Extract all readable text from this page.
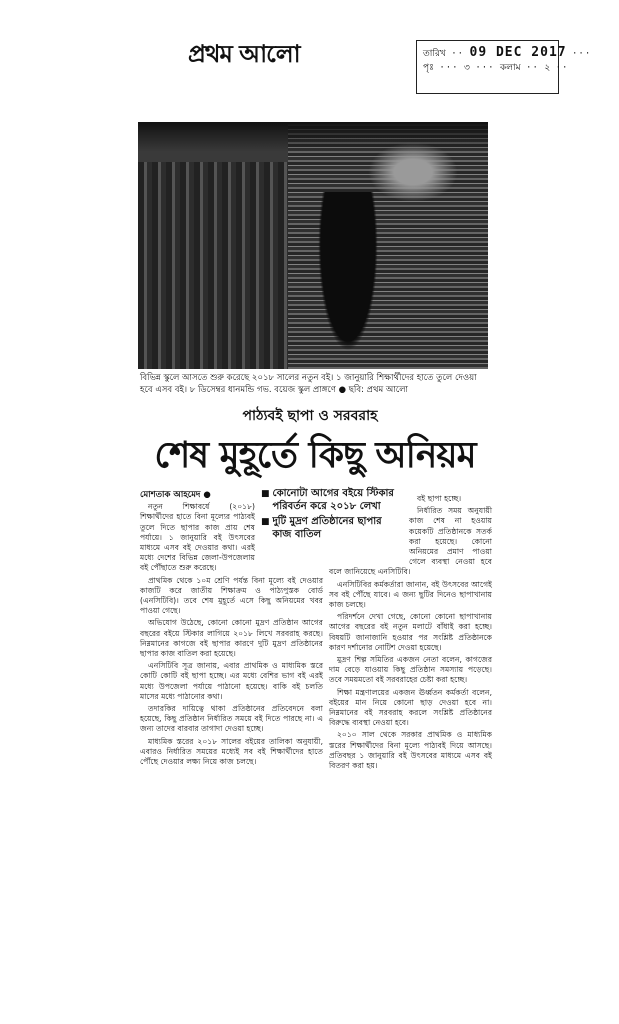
প্রথম আলো	তারিখ ·· 09 DEC 2017 ···
পৃঃ ··· ৩ ··· কলাম ·· ২ ··
বিভিন্ন স্কুলে আসতে শুরু করেছে ২০১৮ সালের নতুন বই। ১ জানুয়ারি শিক্ষার্থীদের হাতে তুলে দেওয়া হবে এসব বই। ৮ ডিসেম্বর ধানমন্ডি গভ. বয়েজ স্কুল প্রাঙ্গণে ● ছবি: প্রথম আলো
পাঠ্যবই ছাপা ও সরবরাহ
শেষ মুহূর্তে কিছু অনিয়ম
■ কোনোটা আগের বইয়ে স্টিকার পরিবর্তন করে ২০১৮ লেখা
■ দুটি মুদ্রণ প্রতিষ্ঠানের ছাপার কাজ বাতিল

মোশতাক আহমেদ ●

নতুন শিক্ষাবর্ষে (২০১৮) শিক্ষার্থীদের হাতে বিনা মূল্যের পাঠ্যবই তুলে দিতে ছাপার কাজ প্রায় শেষ পর্যায়ে। ১ জানুয়ারি বই উৎসবের মাধ্যমে এসব বই দেওয়ার কথা। এরই মধ্যে দেশের বিভিন্ন জেলা-উপজেলায় বই পৌঁছাতে শুরু করেছে।

প্রাথমিক থেকে ১০ম শ্রেণি পর্যন্ত বিনা মূল্যে বই দেওয়ার কাজটি করে জাতীয় শিক্ষাক্রম ও পাঠ্যপুস্তক বোর্ড (এনসিটিবি)। তবে শেষ মুহূর্তে এসে কিছু অনিয়মের খবর পাওয়া গেছে।

অভিযোগ উঠেছে, কোনো কোনো মুদ্রণ প্রতিষ্ঠান আগের বছরের বইয়ে স্টিকার লাগিয়ে ২০১৮ লিখে সরবরাহ করছে। নিম্নমানের কাগজে বই ছাপার কারণে দুটি মুদ্রণ প্রতিষ্ঠানের ছাপার কাজ বাতিল করা হয়েছে।

এনসিটিবি সূত্র জানায়, এবার প্রাথমিক ও মাধ্যমিক স্তরে কোটি কোটি বই ছাপা হচ্ছে। এর মধ্যে বেশির ভাগ বই এরই মধ্যে উপজেলা পর্যায়ে পাঠানো হয়েছে। বাকি বই চলতি মাসের মধ্যে পাঠানোর কথা।

তদারকির দায়িত্বে থাকা প্রতিষ্ঠানের প্রতিবেদনে বলা হয়েছে, কিছু প্রতিষ্ঠান নির্ধারিত সময়ে বই দিতে পারছে না। এ জন্য তাদের বারবার তাগাদা দেওয়া হচ্ছে।

মাধ্যমিক স্তরের ২০১৮ সালের বইয়ের তালিকা অনুযায়ী, এবারও নির্ধারিত সময়ের মধ্যেই সব বই শিক্ষার্থীদের হাতে পৌঁছে দেওয়ার লক্ষ্য নিয়ে কাজ চলছে।

বই ছাপা হচ্ছে।

নির্ধারিত সময় অনুযায়ী কাজ শেষ না হওয়ায় কয়েকটি প্রতিষ্ঠানকে সতর্ক করা হয়েছে। কোনো অনিয়মের প্রমাণ পাওয়া গেলে ব্যবস্থা নেওয়া হবে বলে জানিয়েছে এনসিটিবি।

এনসিটিবির কর্মকর্তারা জানান, বই উৎসবের আগেই সব বই পৌঁছে যাবে। এ জন্য ছুটির দিনেও ছাপাখানায় কাজ চলছে।

পরিদর্শনে দেখা গেছে, কোনো কোনো ছাপাখানায় আগের বছরের বই নতুন মলাটে বাঁধাই করা হচ্ছে। বিষয়টি জানাজানি হওয়ার পর সংশ্লিষ্ট প্রতিষ্ঠানকে কারণ দর্শানোর নোটিশ দেওয়া হয়েছে।

মুদ্রণ শিল্প সমিতির একজন নেতা বলেন, কাগজের দাম বেড়ে যাওয়ায় কিছু প্রতিষ্ঠান সমস্যায় পড়েছে। তবে সময়মতো বই সরবরাহের চেষ্টা করা হচ্ছে।

শিক্ষা মন্ত্রণালয়ের একজন ঊর্ধ্বতন কর্মকর্তা বলেন, বইয়ের মান নিয়ে কোনো ছাড় দেওয়া হবে না। নিম্নমানের বই সরবরাহ করলে সংশ্লিষ্ট প্রতিষ্ঠানের বিরুদ্ধে ব্যবস্থা নেওয়া হবে।

২০১০ সাল থেকে সরকার প্রাথমিক ও মাধ্যমিক স্তরের শিক্ষার্থীদের বিনা মূল্যে পাঠ্যবই দিয়ে আসছে। প্রতিবছর ১ জানুয়ারি বই উৎসবের মাধ্যমে এসব বই বিতরণ করা হয়।
